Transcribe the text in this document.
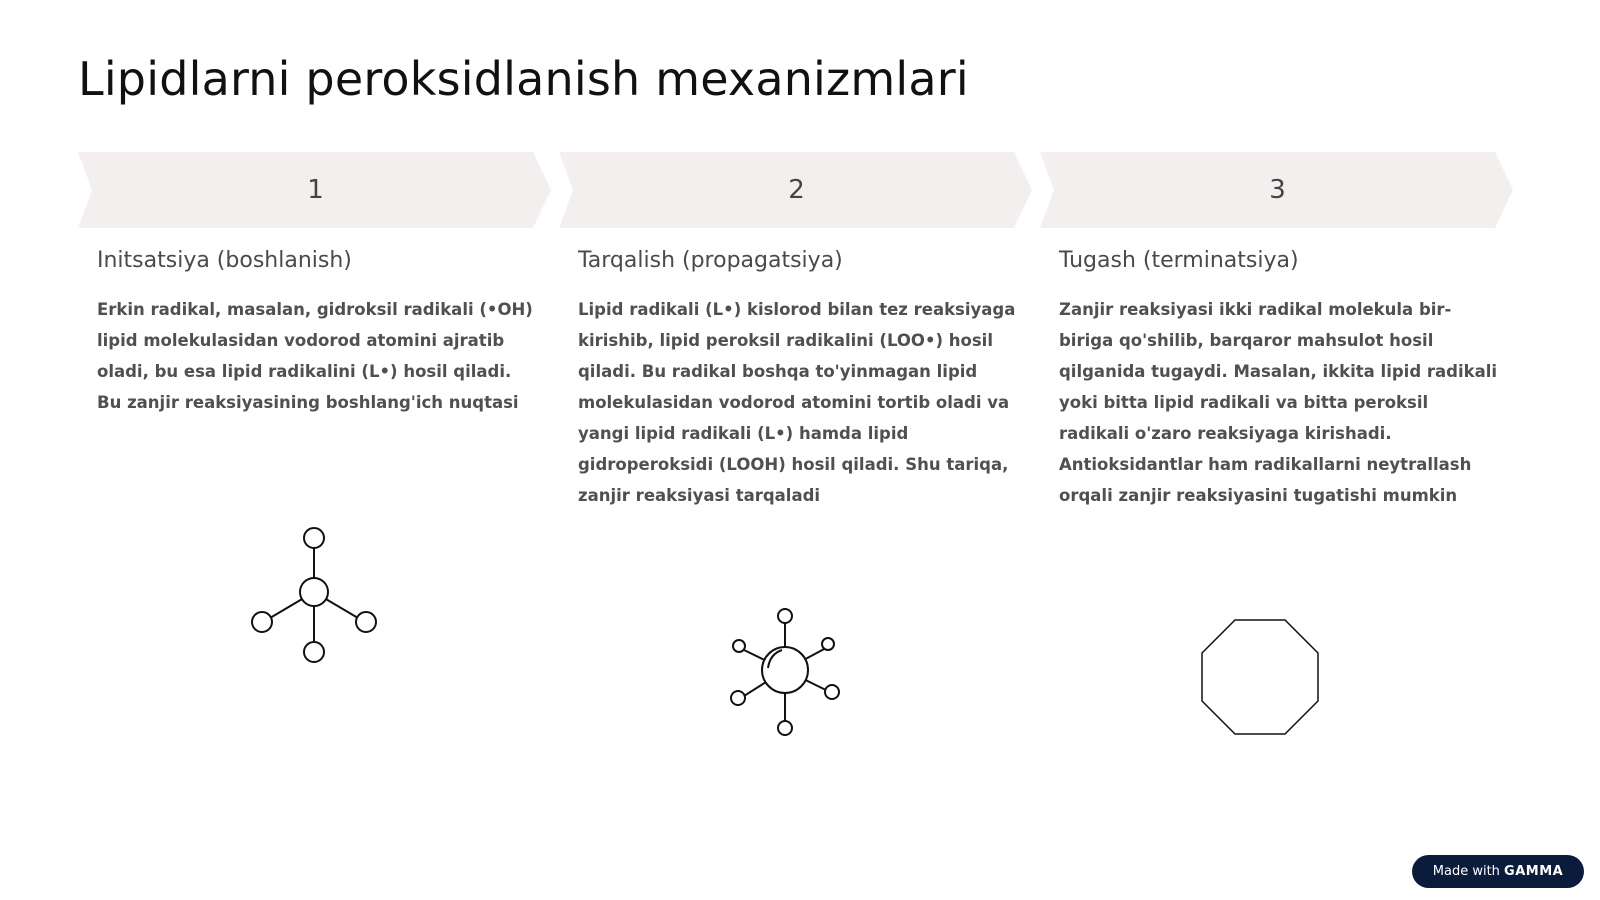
Lipidlarni peroksidlanish mexanizmlari
1
Initsatsiya (boshlanish)

Erkin radikal, masalan, gidroksil radikali (•OH) lipid molekulasidan vodorod atomini ajratib oladi, bu esa lipid radikalini (L•) hosil qiladi. Bu zanjir reaksiyasining boshlang'ich nuqtasi

2
Tarqalish (propagatsiya)

Lipid radikali (L•) kislorod bilan tez reaksiyaga kirishib, lipid peroksil radikalini (LOO•) hosil qiladi. Bu radikal boshqa to'yinmagan lipid molekulasidan vodorod atomini tortib oladi va yangi lipid radikali (L•) hamda lipid gidroperoksidi (LOOH) hosil qiladi. Shu tariqa, zanjir reaksiyasi tarqaladi

3
Tugash (terminatsiya)

Zanjir reaksiyasi ikki radikal molekula bir-biriga qo'shilib, barqaror mahsulot hosil qilganida tugaydi. Masalan, ikkita lipid radikali yoki bitta lipid radikali va bitta peroksil radikali o'zaro reaksiyaga kirishadi. Antioksidantlar ham radikallarni neytrallash orqali zanjir reaksiyasini tugatishi mumkin

Made with GAMMA
